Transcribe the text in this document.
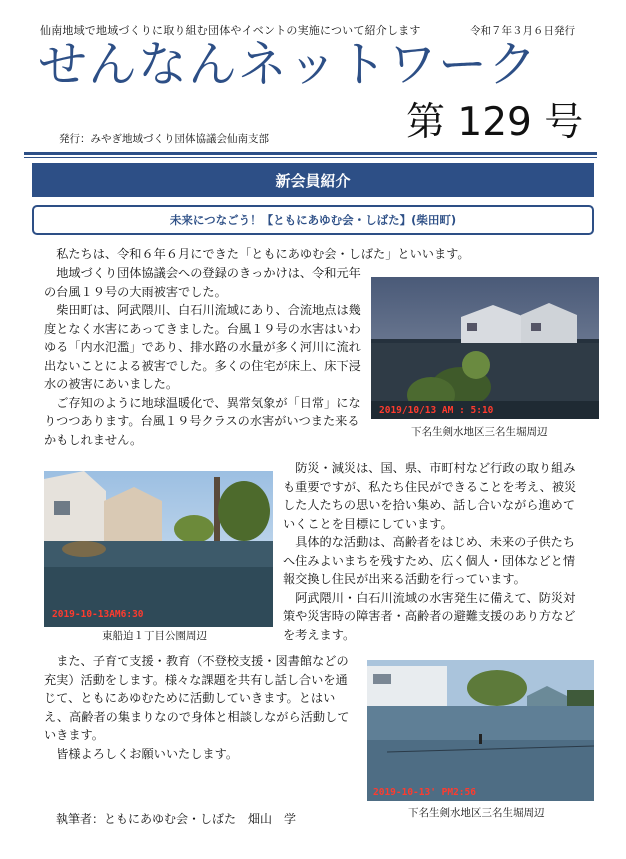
仙南地域で地域づくりに取り組む団体やイベントの実施について紹介します	令和７年３月６日発行
せんなんネットワーク
第 129 号
発行：みやぎ地域づくり団体協議会仙南支部
新会員紹介
未来につなごう！【ともにあゆむ会・しばた】(柴田町)

私たちは、令和６年６月にできた「ともにあゆむ会・しばた」といいます。

地域づくり団体協議会への登録のきっかけは、令和元年の台風１９号の大雨被害でした。

柴田町は、阿武隈川、白石川流域にあり、合流地点は幾度となく水害にあってきました。台風１９号の水害はいわゆる「内水氾濫」であり、排水路の水量が多く河川に流れ出ないことによる被害でした。多くの住宅が床上、床下浸水の被害にあいました。

ご存知のように地球温暖化で、異常気象が「日常」になりつつあります。台風１９号クラスの水害がいつまた来るかもしれません。

2019/10/13 AM : 5:10
下名生剣水地区三名生堀周辺
2019-10-13AM6:30
東船迫１丁目公園周辺

防災・減災は、国、県、市町村など行政の取り組みも重要ですが、私たち住民ができることを考え、被災した人たちの思いを拾い集め、話し合いながら進めていくことを目標にしています。

具体的な活動は、高齢者をはじめ、未来の子供たちへ住みよいまちを残すため、広く個人・団体などと情報交換し住民が出来る活動を行っています。

阿武隈川・白石川流域の水害発生に備えて、防災対策や災害時の障害者・高齢者の避難支援のあり方などを考えます。

また、子育て支援・教育（不登校支援・図書館などの充実）活動をします。様々な課題を共有し話し合いを通じて、ともにあゆむために活動していきます。とはいえ、高齢者の集まりなので身体と相談しながら活動していきます。

皆様よろしくお願いいたします。

2019-10-13' PM2:56
下名生剣水地区三名生堀周辺
執筆者：ともにあゆむ会・しばた　畑山　学
